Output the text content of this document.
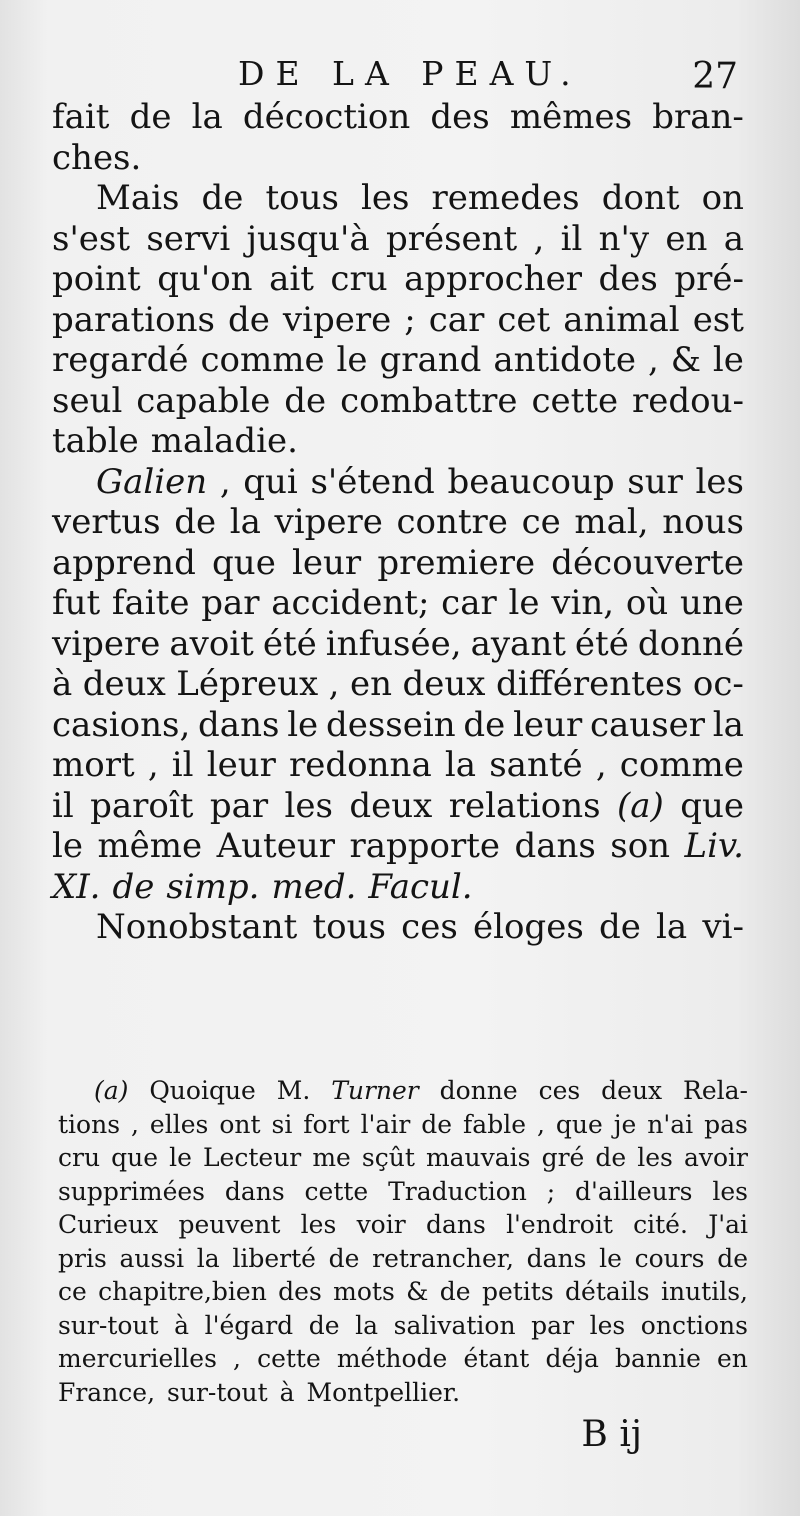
DE LA PEAU.	27
fait de la décoction des mêmes bran-
ches.
Mais de tous les remedes dont on
s'est servi jusqu'à présent , il n'y en a
point qu'on ait cru approcher des pré-
parations de vipere ; car cet animal est
regardé comme le grand antidote , & le
seul capable de combattre cette redou-
table maladie.
Galien , qui s'étend beaucoup sur les
vertus de la vipere contre ce mal, nous
apprend que leur premiere découverte
fut faite par accident; car le vin, où une
vipere avoit été infusée, ayant été donné
à deux Lépreux , en deux différentes oc-
casions, dans le dessein de leur causer la
mort , il leur redonna la santé , comme
il paroît par les deux relations (a) que
le même Auteur rapporte dans son Liv.
XI. de simp. med. Facul.
Nonobstant tous ces éloges de la vi-
(a) Quoique M. Turner donne ces deux Rela-
tions , elles ont si fort l'air de fable , que je n'ai pas
cru que le Lecteur me sçût mauvais gré de les avoir
supprimées dans cette Traduction ; d'ailleurs les
Curieux peuvent les voir dans l'endroit cité. J'ai
pris aussi la liberté de retrancher, dans le cours de
ce chapitre,bien des mots & de petits détails inutils,
sur-tout à l'égard de la salivation par les onctions
mercurielles , cette méthode étant déja bannie en
France, sur-tout à Montpellier.
B ij
